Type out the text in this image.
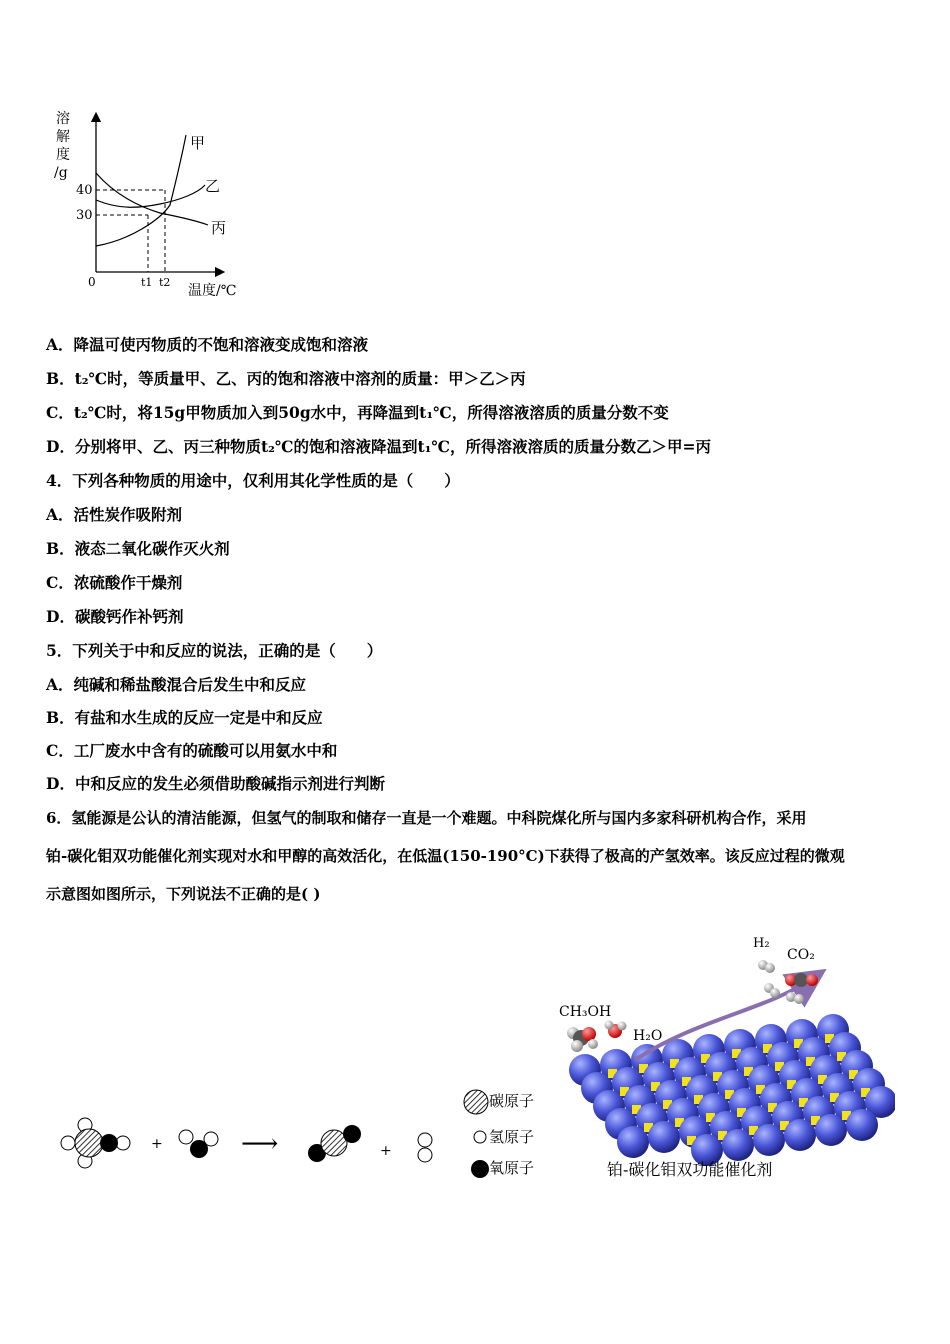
溶解度/g
40
30
0	t1 t2
温度/℃
甲
乙
丙
A．降温可使丙物质的不饱和溶液变成饱和溶液
B．t₂℃时，等质量甲、乙、丙的饱和溶液中溶剂的质量：甲＞乙＞丙
C．t₂℃时，将15g甲物质加入到50g水中，再降温到t₁℃，所得溶液溶质的质量分数不变
D．分别将甲、乙、丙三种物质t₂℃的饱和溶液降温到t₁℃，所得溶液溶质的质量分数乙＞甲=丙
4．下列各种物质的用途中，仅利用其化学性质的是（　　）
A．活性炭作吸附剂
B．液态二氧化碳作灭火剂
C．浓硫酸作干燥剂
D．碳酸钙作补钙剂
5．下列关于中和反应的说法，正确的是（　　）
A．纯碱和稀盐酸混合后发生中和反应
B．有盐和水生成的反应一定是中和反应
C．工厂废水中含有的硫酸可以用氨水中和
D．中和反应的发生必须借助酸碱指示剂进行判断
6．氢能源是公认的清洁能源，但氢气的制取和储存一直是一个难题。中科院煤化所与国内多家科研机构合作，采用
铂-碳化钼双功能催化剂实现对水和甲醇的高效活化，在低温(150-190°C)下获得了极高的产氢效率。该反应过程的微观
示意图如图所示，下列说法不正确的是( )
+	⟶	+
碳原子
氢原子
氧原子
H₂
CO₂
CH₃OH
H₂O
铂-碳化钼双功能催化剂
